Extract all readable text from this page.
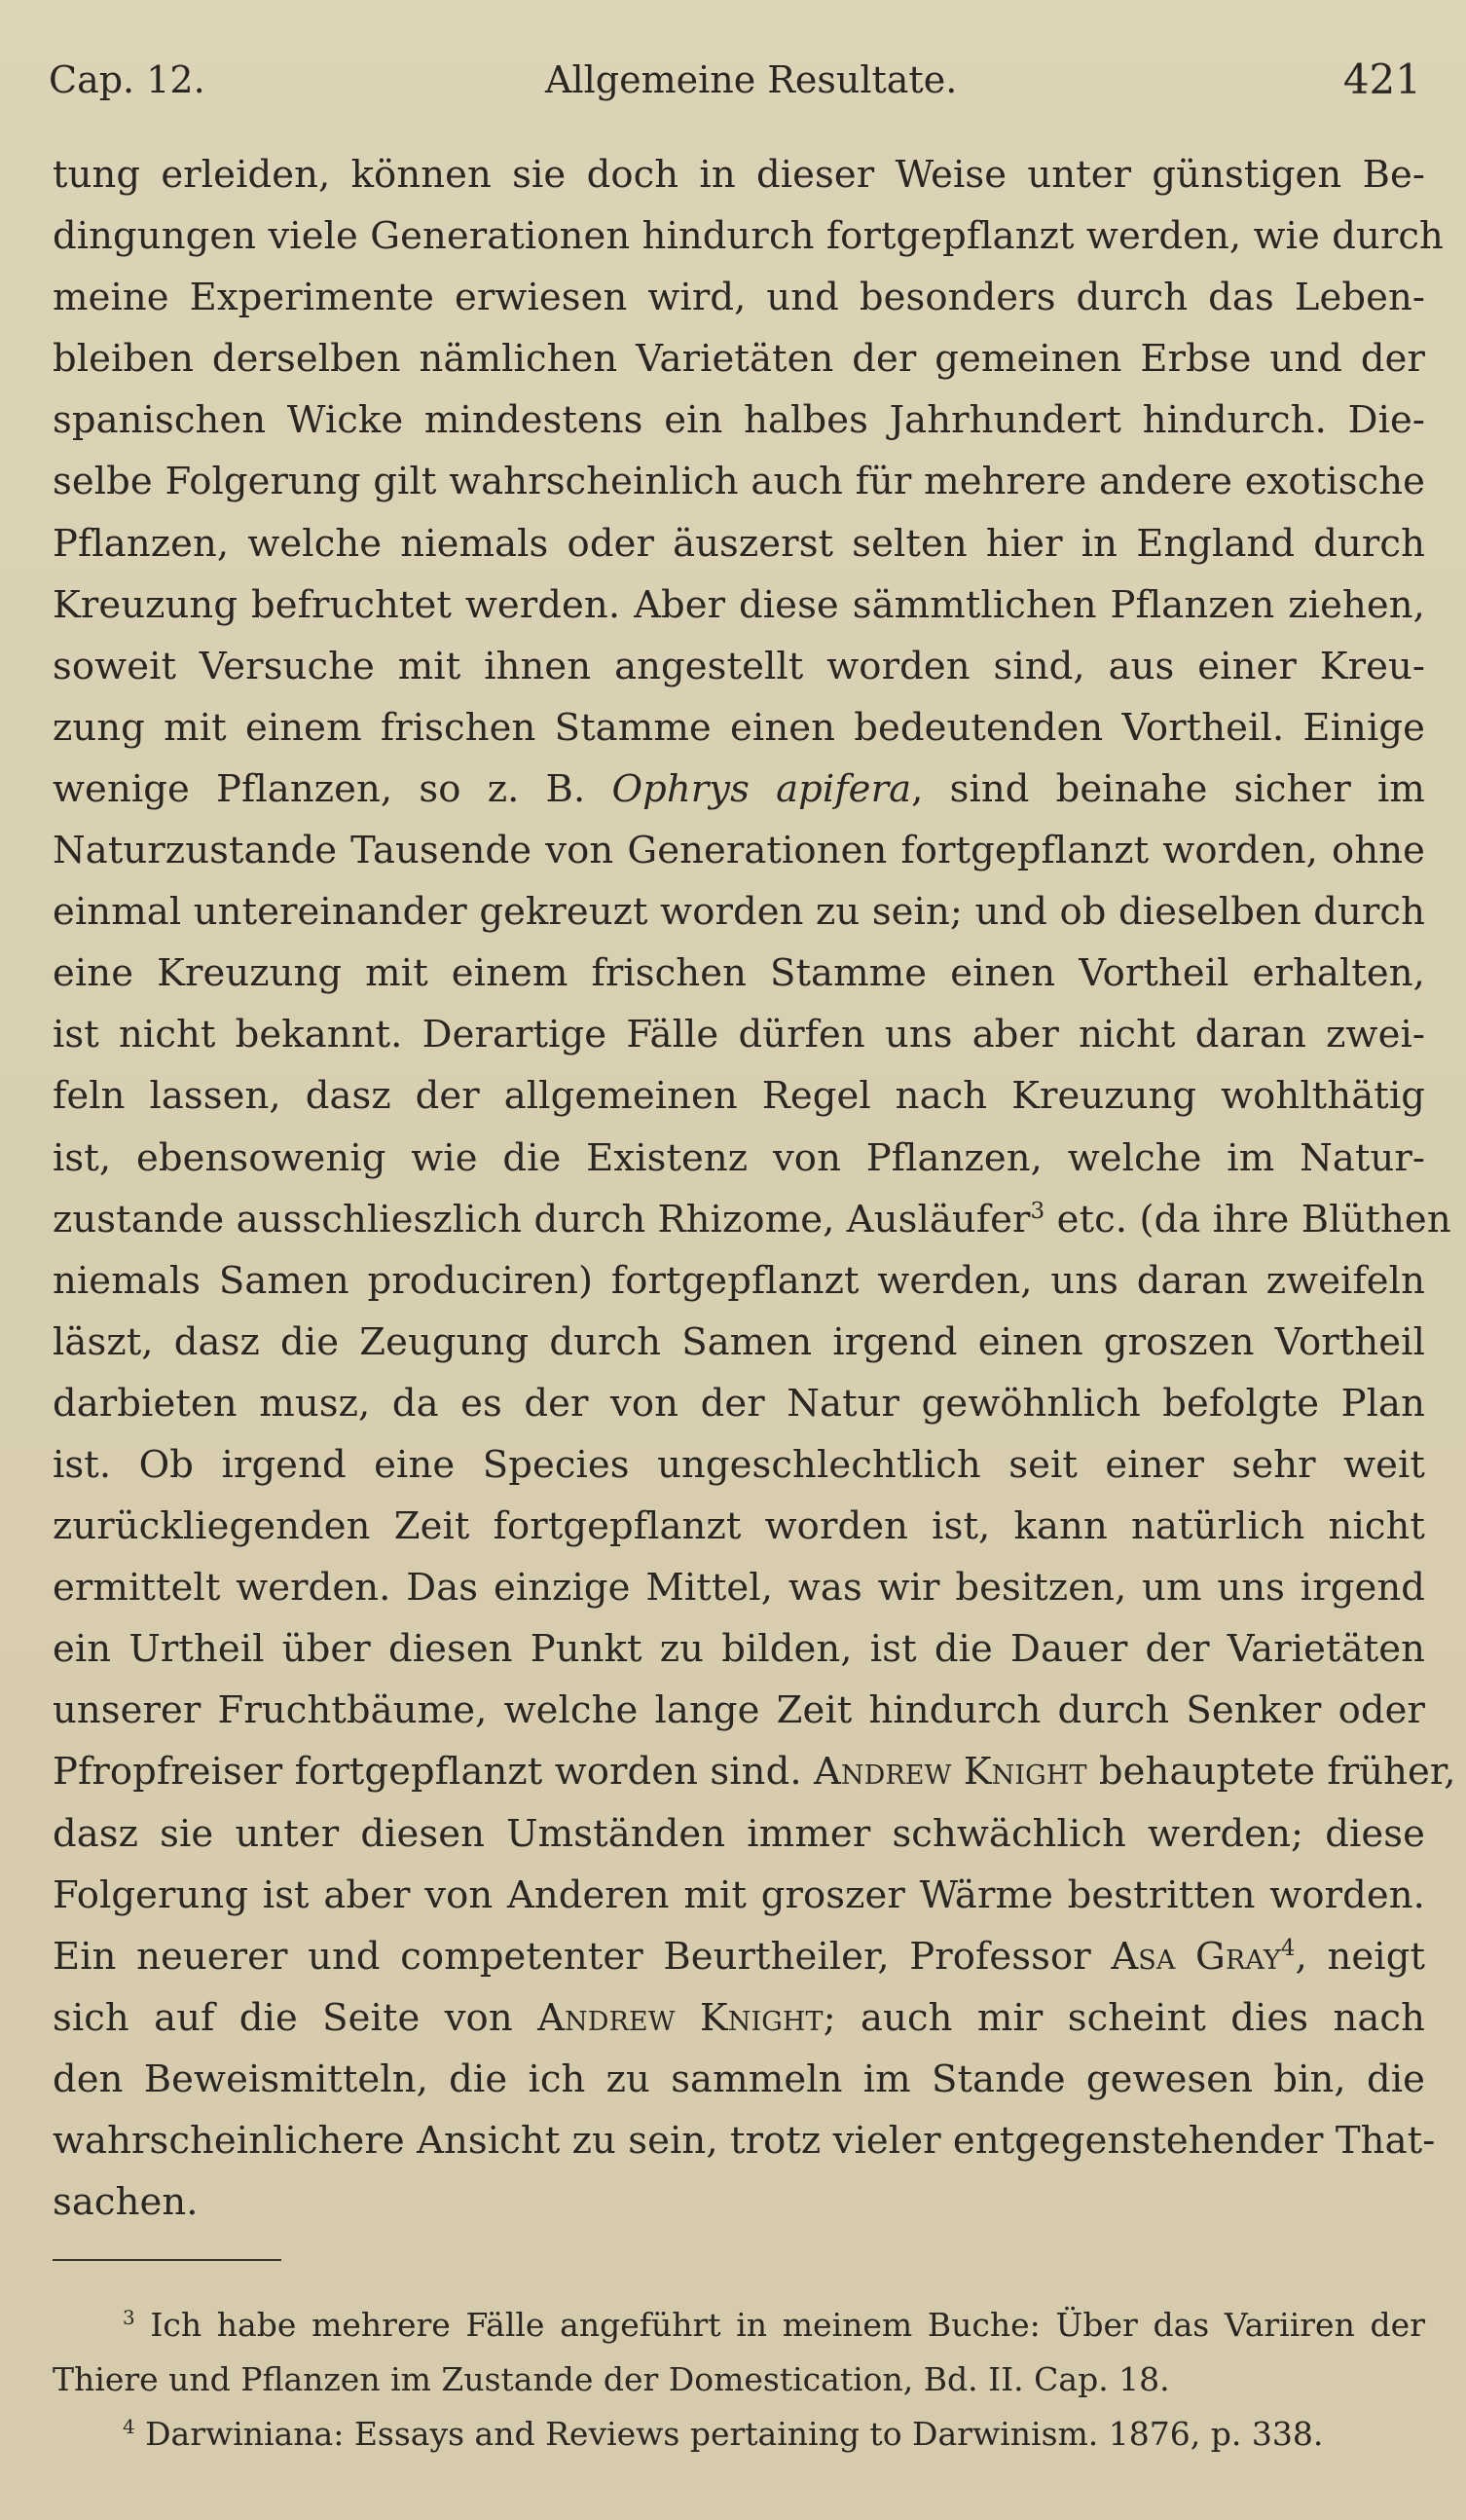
Cap. 12.	Allgemeine Resultate.	421
tung erleiden, können sie doch in dieser Weise unter günstigen Be-
dingungen viele Generationen hindurch fortgepflanzt werden, wie durch
meine Experimente erwiesen wird, und besonders durch das Leben-
bleiben derselben nämlichen Varietäten der gemeinen Erbse und der
spanischen Wicke mindestens ein halbes Jahrhundert hindurch. Die-
selbe Folgerung gilt wahrscheinlich auch für mehrere andere exotische
Pflanzen, welche niemals oder äuszerst selten hier in England durch
Kreuzung befruchtet werden. Aber diese sämmtlichen Pflanzen ziehen,
soweit Versuche mit ihnen angestellt worden sind, aus einer Kreu-
zung mit einem frischen Stamme einen bedeutenden Vortheil. Einige
wenige Pflanzen, so z. B. Ophrys apifera, sind beinahe sicher im
Naturzustande Tausende von Generationen fortgepflanzt worden, ohne
einmal untereinander gekreuzt worden zu sein; und ob dieselben durch
eine Kreuzung mit einem frischen Stamme einen Vortheil erhalten,
ist nicht bekannt. Derartige Fälle dürfen uns aber nicht daran zwei-
feln lassen, dasz der allgemeinen Regel nach Kreuzung wohlthätig
ist, ebensowenig wie die Existenz von Pflanzen, welche im Natur-
zustande ausschlieszlich durch Rhizome, Ausläufer$^3$ etc. (da ihre Blüthen
niemals Samen produciren) fortgepflanzt werden, uns daran zweifeln
läszt, dasz die Zeugung durch Samen irgend einen groszen Vortheil
darbieten musz, da es der von der Natur gewöhnlich befolgte Plan
ist. Ob irgend eine Species ungeschlechtlich seit einer sehr weit
zurückliegenden Zeit fortgepflanzt worden ist, kann natürlich nicht
ermittelt werden. Das einzige Mittel, was wir besitzen, um uns irgend
ein Urtheil über diesen Punkt zu bilden, ist die Dauer der Varietäten
unserer Fruchtbäume, welche lange Zeit hindurch durch Senker oder
Pfropfreiser fortgepflanzt worden sind. Andrew Knight behauptete früher,
dasz sie unter diesen Umständen immer schwächlich werden; diese
Folgerung ist aber von Anderen mit groszer Wärme bestritten worden.
Ein neuerer und competenter Beurtheiler, Professor Asa Gray$^4$, neigt
sich auf die Seite von Andrew Knight; auch mir scheint dies nach
den Beweismitteln, die ich zu sammeln im Stande gewesen bin, die
wahrscheinlichere Ansicht zu sein, trotz vieler entgegenstehender That-
sachen.
$^3$ Ich habe mehrere Fälle angeführt in meinem Buche: Über das Variiren der
Thiere und Pflanzen im Zustande der Domestication, Bd. II. Cap. 18.
$^4$ Darwiniana: Essays and Reviews pertaining to Darwinism. 1876, p. 338.
